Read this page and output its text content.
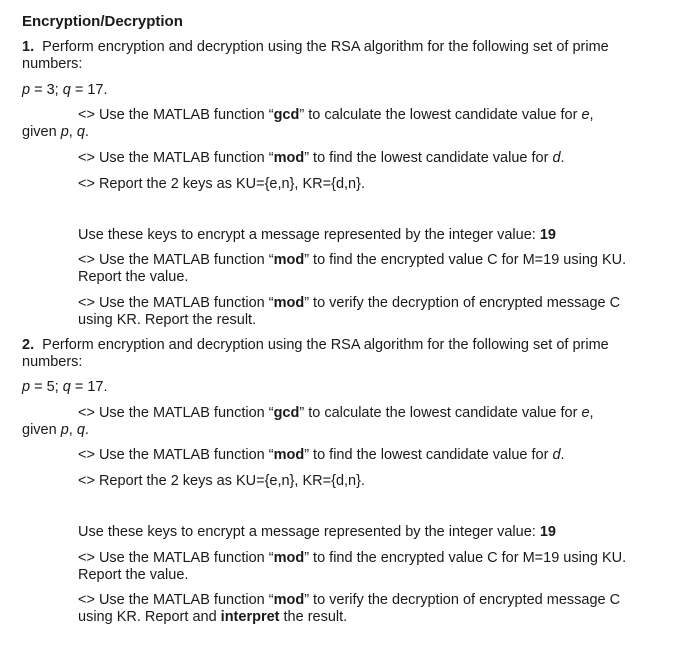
Encryption/Decryption
1. Perform encryption and decryption using the RSA algorithm for the following set of prime
numbers:
p = 3; q = 17.
<> Use the MATLAB function “gcd” to calculate the lowest candidate value for e,
given p, q.
<> Use the MATLAB function “mod” to find the lowest candidate value for d.
<> Report the 2 keys as KU={e,n}, KR={d,n}.
Use these keys to encrypt a message represented by the integer value: 19
<> Use the MATLAB function “mod” to find the encrypted value C for M=19 using KU.
Report the value.
<> Use the MATLAB function “mod” to verify the decryption of encrypted message C
using KR. Report the result.
2. Perform encryption and decryption using the RSA algorithm for the following set of prime
numbers:
p = 5; q = 17.
<> Use the MATLAB function “gcd” to calculate the lowest candidate value for e,
given p, q.
<> Use the MATLAB function “mod” to find the lowest candidate value for d.
<> Report the 2 keys as KU={e,n}, KR={d,n}.
Use these keys to encrypt a message represented by the integer value: 19
<> Use the MATLAB function “mod” to find the encrypted value C for M=19 using KU.
Report the value.
<> Use the MATLAB function “mod” to verify the decryption of encrypted message C
using KR. Report and interpret the result.
